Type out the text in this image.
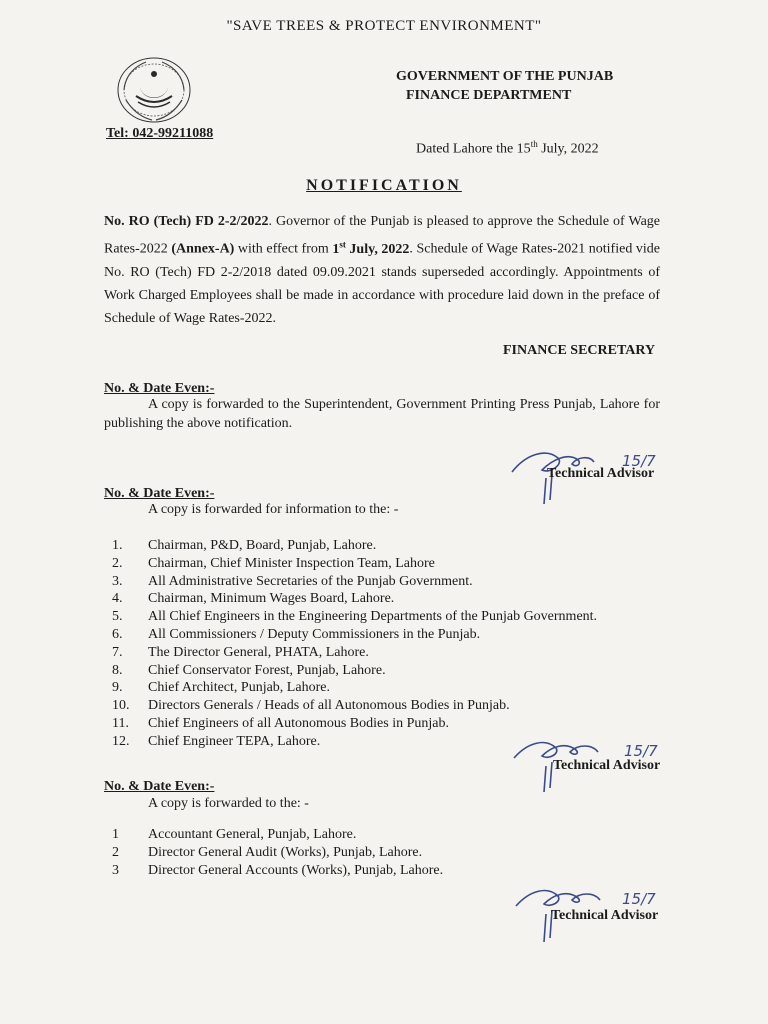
"SAVE TREES & PROTECT ENVIRONMENT"
Tel: 042-99211088
GOVERNMENT OF THE PUNJAB
FINANCE DEPARTMENT
Dated Lahore the 15th July, 2022
NOTIFICATION
No. RO (Tech) FD 2-2/2022. Governor of the Punjab is pleased to approve the Schedule of Wage Rates-2022 (Annex-A) with effect from 1st July, 2022. Schedule of Wage Rates-2021 notified vide No. RO (Tech) FD 2-2/2018 dated 09.09.2021 stands superseded accordingly. Appointments of Work Charged Employees shall be made in accordance with procedure laid down in the preface of Schedule of Wage Rates-2022.
FINANCE SECRETARY
No. & Date Even:-
A copy is forwarded to the Superintendent, Government Printing Press Punjab, Lahore for publishing the above notification.
15/7
Technical Advisor
No. & Date Even:-
A copy is forwarded for information to the: -
1.	Chairman, P&D, Board, Punjab, Lahore.
2.	Chairman, Chief Minister Inspection Team, Lahore
3.	All Administrative Secretaries of the Punjab Government.
4.	Chairman, Minimum Wages Board, Lahore.
5.	All Chief Engineers in the Engineering Departments of the Punjab Government.
6.	All Commissioners / Deputy Commissioners in the Punjab.
7.	The Director General, PHATA, Lahore.
8.	Chief Conservator Forest, Punjab, Lahore.
9.	Chief Architect, Punjab, Lahore.
10.	Directors Generals / Heads of all Autonomous Bodies in Punjab.
11.	Chief Engineers of all Autonomous Bodies in Punjab.
12.	Chief Engineer TEPA, Lahore.
15/7
Technical Advisor
No. & Date Even:-
A copy is forwarded to the: -
1	Accountant General, Punjab, Lahore.
2	Director General Audit (Works), Punjab, Lahore.
3	Director General Accounts (Works), Punjab, Lahore.
15/7
Technical Advisor
